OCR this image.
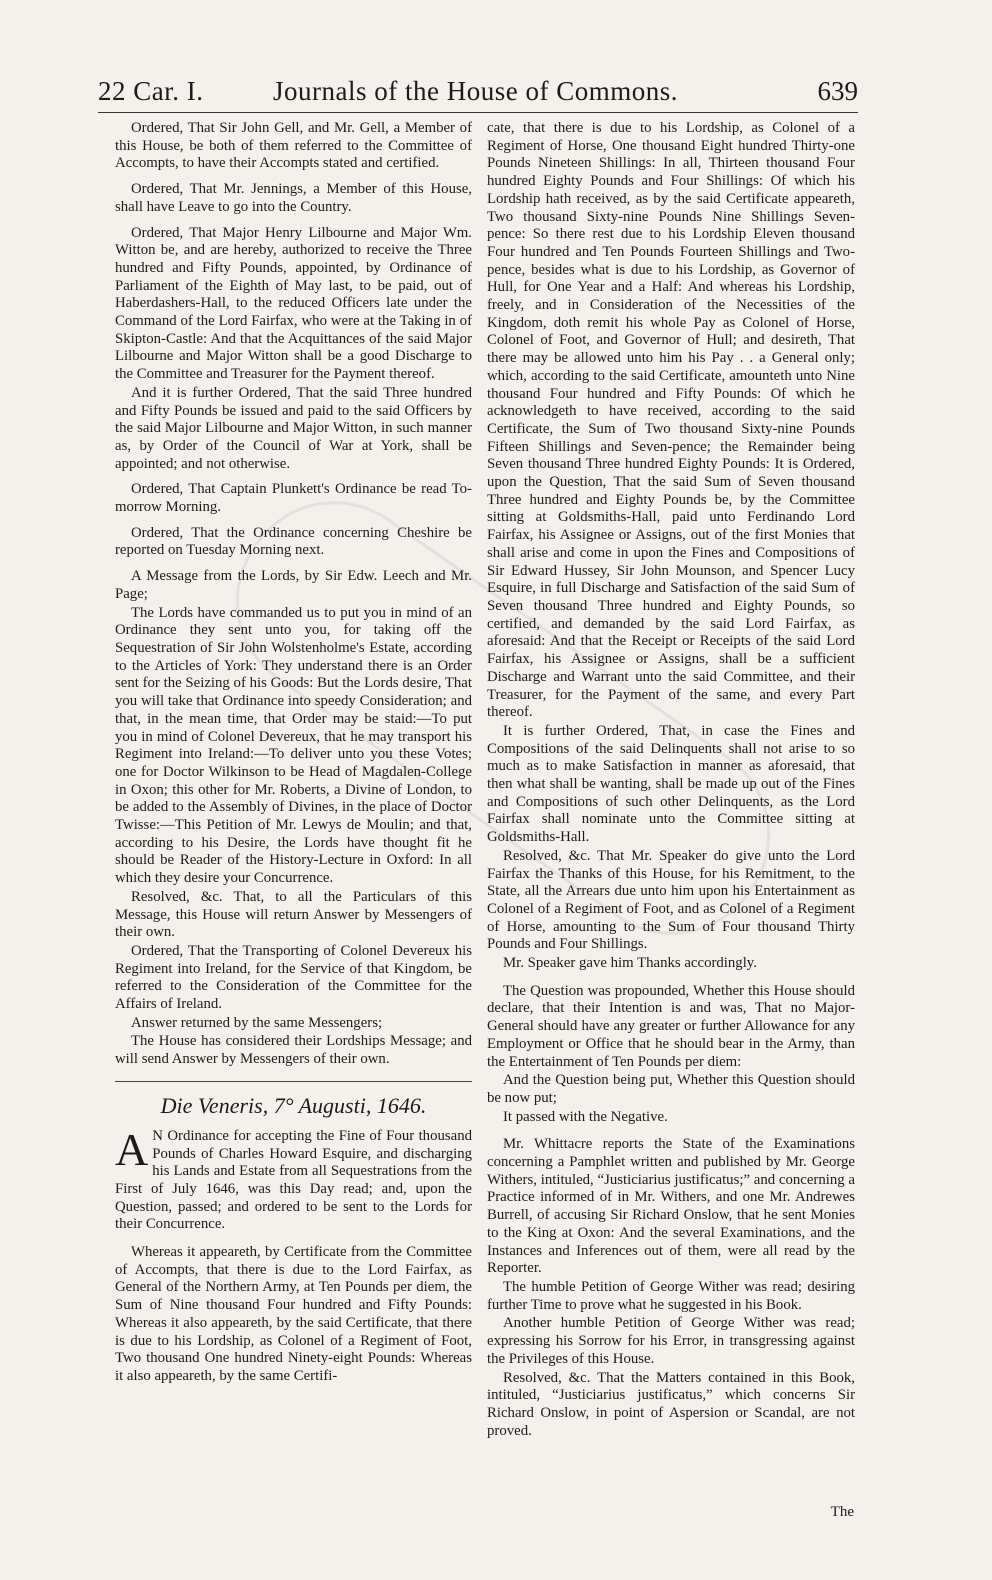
22 Car. I.	Journals of the House of Commons.	639

Ordered, That Sir John Gell, and Mr. Gell, a Member of this House, be both of them referred to the Committee of Accompts, to have their Accompts stated and certified.

Ordered, That Mr. Jennings, a Member of this House, shall have Leave to go into the Country.

Ordered, That Major Henry Lilbourne and Major Wm. Witton be, and are hereby, authorized to receive the Three hundred and Fifty Pounds, appointed, by Ordinance of Parliament of the Eighth of May last, to be paid, out of Haberdashers-Hall, to the reduced Officers late under the Command of the Lord Fairfax, who were at the Taking in of Skipton-Castle: And that the Acquittances of the said Major Lilbourne and Major Witton shall be a good Discharge to the Committee and Treasurer for the Payment thereof.

And it is further Ordered, That the said Three hundred and Fifty Pounds be issued and paid to the said Officers by the said Major Lilbourne and Major Witton, in such manner as, by Order of the Council of War at York, shall be appointed; and not otherwise.

Ordered, That Captain Plunkett's Ordinance be read To-morrow Morning.

Ordered, That the Ordinance concerning Cheshire be reported on Tuesday Morning next.

A Message from the Lords, by Sir Edw. Leech and Mr. Page;

The Lords have commanded us to put you in mind of an Ordinance they sent unto you, for taking off the Sequestration of Sir John Wolstenholme's Estate, according to the Articles of York: They understand there is an Order sent for the Seizing of his Goods: But the Lords desire, That you will take that Ordinance into speedy Consideration; and that, in the mean time, that Order may be staid:—To put you in mind of Colonel Devereux, that he may transport his Regiment into Ireland:—To deliver unto you these Votes; one for Doctor Wilkinson to be Head of Magdalen-College in Oxon; this other for Mr. Roberts, a Divine of London, to be added to the Assembly of Divines, in the place of Doctor Twisse:—This Petition of Mr. Lewys de Moulin; and that, according to his Desire, the Lords have thought fit he should be Reader of the History-Lecture in Oxford: In all which they desire your Concurrence.

Resolved, &c. That, to all the Particulars of this Message, this House will return Answer by Messengers of their own.

Ordered, That the Transporting of Colonel Devereux his Regiment into Ireland, for the Service of that Kingdom, be referred to the Consideration of the Committee for the Affairs of Ireland.

Answer returned by the same Messengers;

The House has considered their Lordships Message; and will send Answer by Messengers of their own.

Die Veneris, 7° Augusti, 1646.

A N Ordinance for accepting the Fine of Four thousand Pounds of Charles Howard Esquire, and discharging his Lands and Estate from all Sequestrations from the First of July 1646, was this Day read; and, upon the Question, passed; and ordered to be sent to the Lords for their Concurrence.

Whereas it appeareth, by Certificate from the Committee of Accompts, that there is due to the Lord Fairfax, as General of the Northern Army, at Ten Pounds per diem, the Sum of Nine thousand Four hundred and Fifty Pounds: Whereas it also appeareth, by the said Certificate, that there is due to his Lordship, as Colonel of a Regiment of Foot, Two thousand One hundred Ninety-eight Pounds: Whereas it also appeareth, by the same Certifi-

cate, that there is due to his Lordship, as Colonel of a Regiment of Horse, One thousand Eight hundred Thirty-one Pounds Nineteen Shillings: In all, Thirteen thousand Four hundred Eighty Pounds and Four Shillings: Of which his Lordship hath received, as by the said Certificate appeareth, Two thousand Sixty-nine Pounds Nine Shillings Seven-pence: So there rest due to his Lordship Eleven thousand Four hundred and Ten Pounds Fourteen Shillings and Two-pence, besides what is due to his Lordship, as Governor of Hull, for One Year and a Half: And whereas his Lordship, freely, and in Consideration of the Necessities of the Kingdom, doth remit his whole Pay as Colonel of Horse, Colonel of Foot, and Governor of Hull; and desireth, That there may be allowed unto him his Pay . . a General only; which, according to the said Certificate, amounteth unto Nine thousand Four hundred and Fifty Pounds: Of which he acknowledgeth to have received, according to the said Certificate, the Sum of Two thousand Sixty-nine Pounds Fifteen Shillings and Seven-pence; the Remainder being Seven thousand Three hundred Eighty Pounds: It is Ordered, upon the Question, That the said Sum of Seven thousand Three hundred and Eighty Pounds be, by the Committee sitting at Goldsmiths-Hall, paid unto Ferdinando Lord Fairfax, his Assignee or Assigns, out of the first Monies that shall arise and come in upon the Fines and Compositions of Sir Edward Hussey, Sir John Mounson, and Spencer Lucy Esquire, in full Discharge and Satisfaction of the said Sum of Seven thousand Three hundred and Eighty Pounds, so certified, and demanded by the said Lord Fairfax, as aforesaid: And that the Receipt or Receipts of the said Lord Fairfax, his Assignee or Assigns, shall be a sufficient Discharge and Warrant unto the said Committee, and their Treasurer, for the Payment of the same, and every Part thereof.

It is further Ordered, That, in case the Fines and Compositions of the said Delinquents shall not arise to so much as to make Satisfaction in manner as aforesaid, that then what shall be wanting, shall be made up out of the Fines and Compositions of such other Delinquents, as the Lord Fairfax shall nominate unto the Committee sitting at Goldsmiths-Hall.

Resolved, &c. That Mr. Speaker do give unto the Lord Fairfax the Thanks of this House, for his Remitment, to the State, all the Arrears due unto him upon his Entertainment as Colonel of a Regiment of Foot, and as Colonel of a Regiment of Horse, amounting to the Sum of Four thousand Thirty Pounds and Four Shillings.

Mr. Speaker gave him Thanks accordingly.

The Question was propounded, Whether this House should declare, that their Intention is and was, That no Major-General should have any greater or further Allowance for any Employment or Office that he should bear in the Army, than the Entertainment of Ten Pounds per diem:

And the Question being put, Whether this Question should be now put;

It passed with the Negative.

Mr. Whittacre reports the State of the Examinations concerning a Pamphlet written and published by Mr. George Withers, intituled, “Justiciarius justificatus;” and concerning a Practice informed of in Mr. Withers, and one Mr. Andrewes Burrell, of accusing Sir Richard Onslow, that he sent Monies to the King at Oxon: And the several Examinations, and the Instances and Inferences out of them, were all read by the Reporter.

The humble Petition of George Wither was read; desiring further Time to prove what he suggested in his Book.

Another humble Petition of George Wither was read; expressing his Sorrow for his Error, in transgressing against the Privileges of this House.

Resolved, &c. That the Matters contained in this Book, intituled, “Justiciarius justificatus,” which concerns Sir Richard Onslow, in point of Aspersion or Scandal, are not proved.

The
